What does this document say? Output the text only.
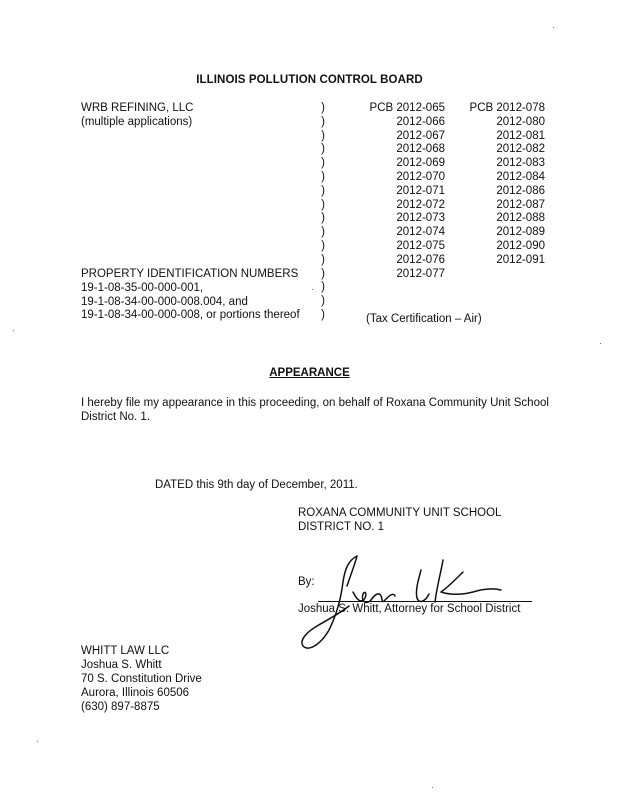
ILLINOIS POLLUTION CONTROL BOARD
WRB REFINING, LLC
(multiple applications)
)
)
)
)
)
)
)
)
)
)
)
)
)
)
)
)
PCB 2012-065
2012-066
2012-067
2012-068
2012-069
2012-070
2012-071
2012-072
2012-073
2012-074
2012-075
2012-076
2012-077
PCB 2012-078
2012-080
2012-081
2012-082
2012-083
2012-084
2012-086
2012-087
2012-088
2012-089
2012-090
2012-091
PROPERTY IDENTIFICATION NUMBERS
19-1-08-35-00-000-001,
19-1-08-34-00-000-008.004, and
19-1-08-34-00-000-008, or portions thereof	(Tax Certification – Air)
APPEARANCE
I hereby file my appearance in this proceeding, on behalf of Roxana Community Unit School District No. 1.
DATED this 9th day of December, 2011.
ROXANA COMMUNITY UNIT SCHOOL
DISTRICT NO. 1
By:
Joshua S. Whitt, Attorney for School District
WHITT LAW LLC
Joshua S. Whitt
70 S. Constitution Drive
Aurora, Illinois 60506
(630) 897-8875
